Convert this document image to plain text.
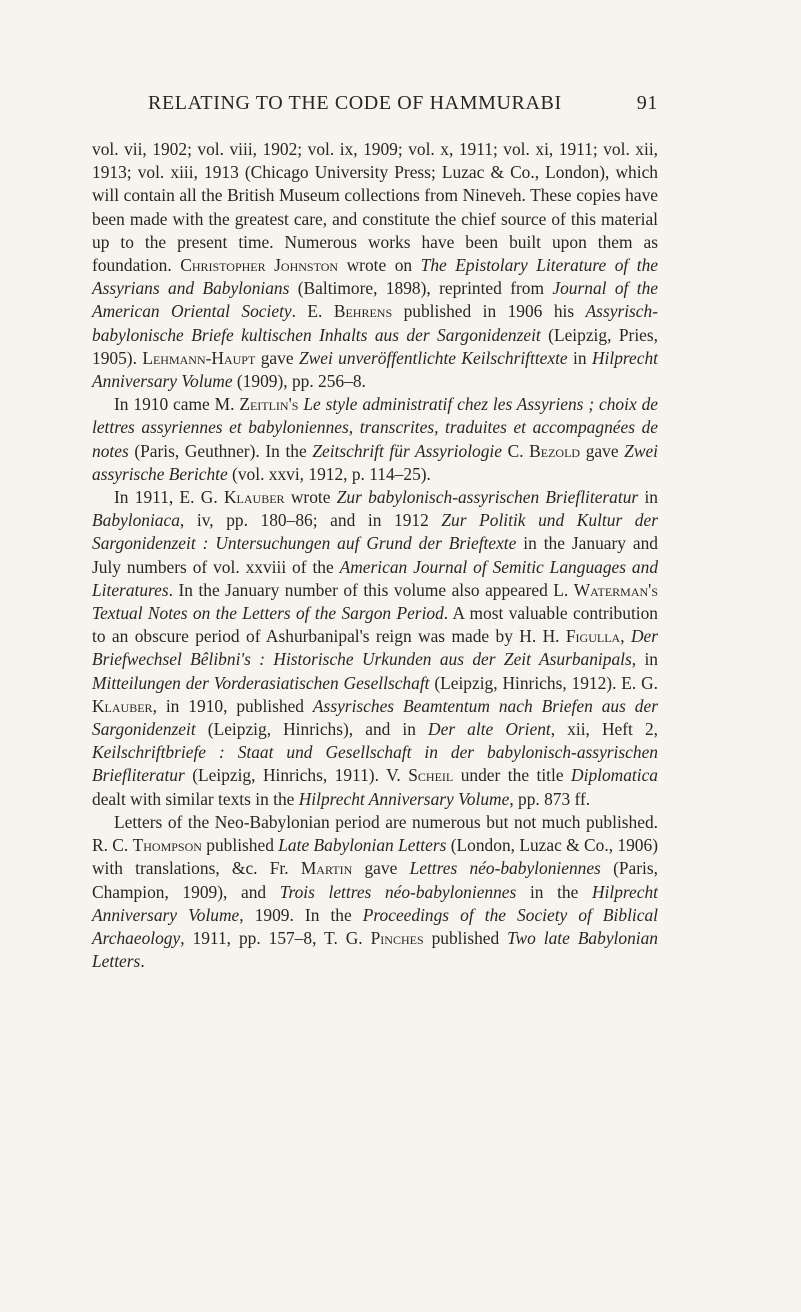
RELATING TO THE CODE OF HAMMURABI	91

vol. vii, 1902; vol. viii, 1902; vol. ix, 1909; vol. x, 1911; vol. xi, 1911; vol. xii, 1913; vol. xiii, 1913 (Chicago University Press; Luzac & Co., London), which will contain all the British Museum collections from Nineveh. These copies have been made with the greatest care, and constitute the chief source of this material up to the present time. Numerous works have been built upon them as foundation. Christopher Johnston wrote on The Epistolary Literature of the Assyrians and Babylonians (Baltimore, 1898), reprinted from Journal of the American Oriental Society. E. Behrens published in 1906 his Assyrisch-babylonische Briefe kultischen Inhalts aus der Sargonidenzeit (Leipzig, Pries, 1905). Lehmann-Haupt gave Zwei unveröffentlichte Keilschrifttexte in Hilprecht Anniversary Volume (1909), pp. 256–8.

In 1910 came M. Zeitlin's Le style administratif chez les Assyriens ; choix de lettres assyriennes et babyloniennes, transcrites, traduites et accompagnées de notes (Paris, Geuthner). In the Zeitschrift für Assyriologie C. Bezold gave Zwei assyrische Berichte (vol. xxvi, 1912, p. 114–25).

In 1911, E. G. Klauber wrote Zur babylonisch-assyrischen Briefliteratur in Babyloniaca, iv, pp. 180–86; and in 1912 Zur Politik und Kultur der Sargonidenzeit : Untersuchungen auf Grund der Brieftexte in the January and July numbers of vol. xxviii of the American Journal of Semitic Languages and Literatures. In the January number of this volume also appeared L. Waterman's Textual Notes on the Letters of the Sargon Period. A most valuable contribution to an obscure period of Ashurbanipal's reign was made by H. H. Figulla, Der Briefwechsel Bêlibni's : Historische Urkunden aus der Zeit Asurbanipals, in Mitteilungen der Vorderasiatischen Gesellschaft (Leipzig, Hinrichs, 1912). E. G. Klauber, in 1910, published Assyrisches Beamtentum nach Briefen aus der Sargonidenzeit (Leipzig, Hinrichs), and in Der alte Orient, xii, Heft 2, Keilschriftbriefe : Staat und Gesellschaft in der babylonisch-assyrischen Briefliteratur (Leipzig, Hinrichs, 1911). V. Scheil under the title Diplomatica dealt with similar texts in the Hilprecht Anniversary Volume, pp. 873 ff.

Letters of the Neo-Babylonian period are numerous but not much published. R. C. Thompson published Late Babylonian Letters (London, Luzac & Co., 1906) with translations, &c. Fr. Martin gave Lettres néo-babyloniennes (Paris, Champion, 1909), and Trois lettres néo-babyloniennes in the Hilprecht Anniversary Volume, 1909. In the Proceedings of the Society of Biblical Archaeology, 1911, pp. 157–8, T. G. Pinches published Two late Babylonian Letters.
